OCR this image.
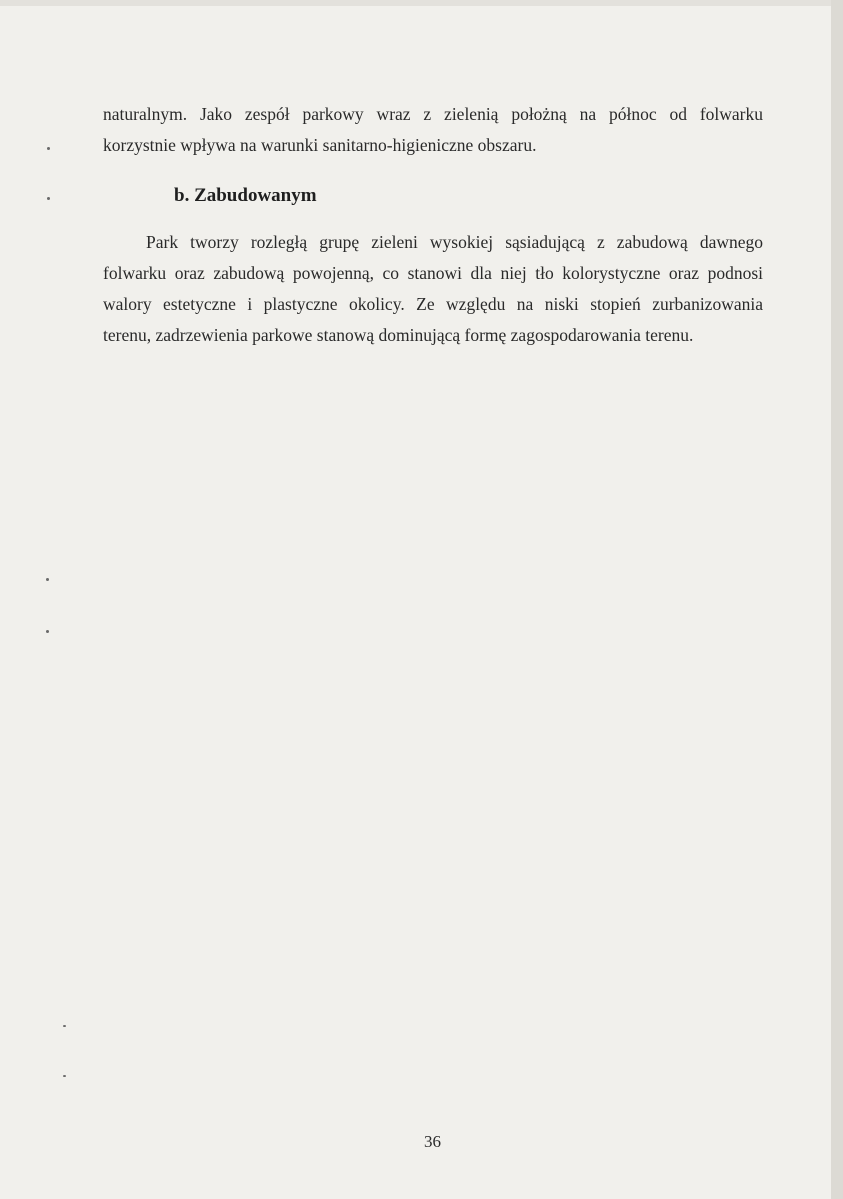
naturalnym. Jako zespół parkowy wraz z zielenią położną na północ od folwarku
korzystnie wpływa na warunki sanitarno-higieniczne obszaru.

b. Zabudowanym

Park tworzy rozległą grupę zieleni wysokiej sąsiadującą z zabudową dawnego
folwarku oraz zabudową powojenną, co stanowi dla niej tło kolorystyczne oraz podnosi
walory estetyczne i plastyczne okolicy. Ze względu na niski stopień zurbanizowania
terenu, zadrzewienia parkowe stanową dominującą formę zagospodarowania terenu.

36
